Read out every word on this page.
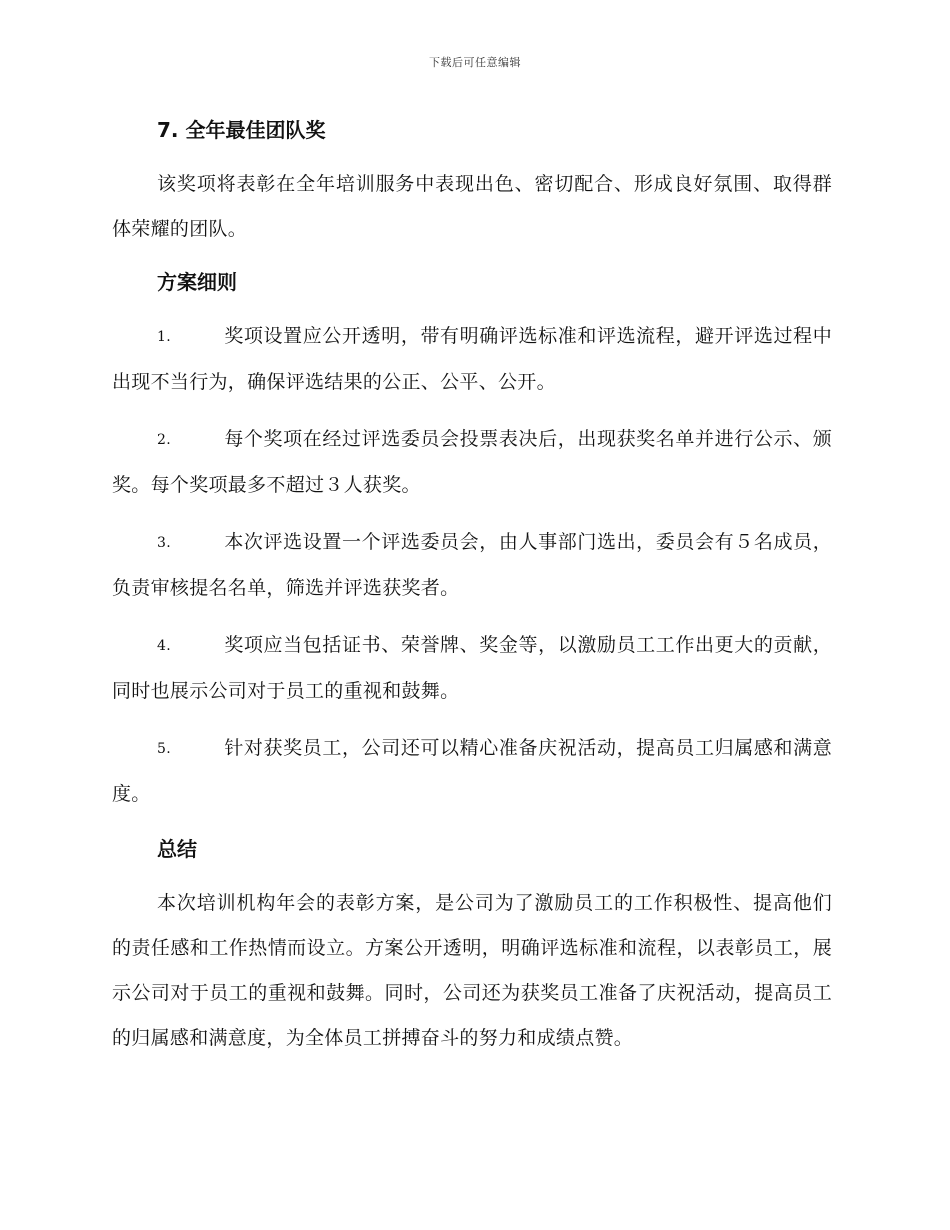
下载后可任意编辑
7. 全年最佳团队奖

该奖项将表彰在全年培训服务中表现出色、密切配合、形成良好氛围、取得群体荣耀的团队。

方案细则
1.	奖项设置应公开透明，带有明确评选标准和评选流程，避开评选过程中出现不当行为，确保评选结果的公正、公平、公开。
2.	每个奖项在经过评选委员会投票表决后，出现获奖名单并进行公示、颁奖。每个奖项最多不超过３人获奖。
3.	本次评选设置一个评选委员会，由人事部门选出，委员会有５名成员，负责审核提名名单，筛选并评选获奖者。
4.	奖项应当包括证书、荣誉牌、奖金等，以激励员工工作出更大的贡献，同时也展示公司对于员工的重视和鼓舞。
5.	针对获奖员工，公司还可以精心准备庆祝活动，提高员工归属感和满意度。
总结

本次培训机构年会的表彰方案，是公司为了激励员工的工作积极性、提高他们的责任感和工作热情而设立。方案公开透明，明确评选标准和流程，以表彰员工，展示公司对于员工的重视和鼓舞。同时，公司还为获奖员工准备了庆祝活动，提高员工的归属感和满意度，为全体员工拼搏奋斗的努力和成绩点赞。
